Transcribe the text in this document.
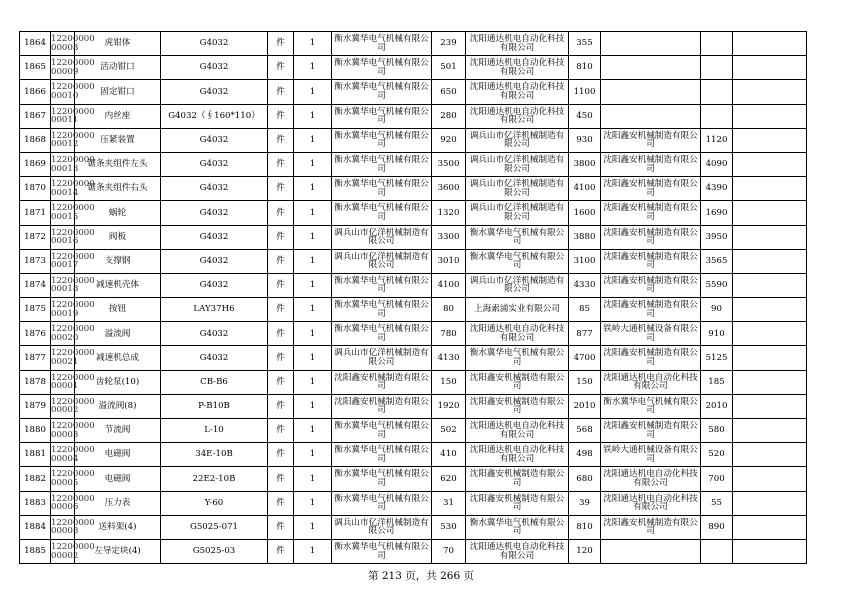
1864	12200000 00008	虎钳体	G4032	件	1	衡水冀华电气机械有限公司	239	沈阳通达机电自动化科技有限公司	355			
1865	12200000 00009	活动钳口	G4032	件	1	衡水冀华电气机械有限公司	501	沈阳通达机电自动化科技有限公司	810			
1866	12200000 00010	固定钳口	G4032	件	1	衡水冀华电气机械有限公司	650	沈阳通达机电自动化科技有限公司	1100			
1867	12200000 00011	内丝座	G4032（∮160*110）	件	1	衡水冀华电气机械有限公司	280	沈阳通达机电自动化科技有限公司	450			
1868	12200000 00012	压紧装置	G4032	件	1	衡水冀华电气机械有限公司	920	调兵山市亿洋机械制造有限公司	930	沈阳鑫安机械制造有限公司	1120	
1869	12200000 00013	锯条夹组件左头	G4032	件	1	衡水冀华电气机械有限公司	3500	调兵山市亿洋机械制造有限公司	3800	沈阳鑫安机械制造有限公司	4090	
1870	12200000 00014	锯条夹组件右头	G4032	件	1	衡水冀华电气机械有限公司	3600	调兵山市亿洋机械制造有限公司	4100	沈阳鑫安机械制造有限公司	4390	
1871	12200000 00015	蜗轮	G4032	件	1	衡水冀华电气机械有限公司	1320	调兵山市亿洋机械制造有限公司	1600	沈阳鑫安机械制造有限公司	1690	
1872	12200000 00016	阀板	G4032	件	1	调兵山市亿洋机械制造有限公司	3300	衡水冀华电气机械有限公司	3880	沈阳鑫安机械制造有限公司	3950	
1873	12200000 00017	支撑钢	G4032	件	1	调兵山市亿洋机械制造有限公司	3010	衡水冀华电气机械有限公司	3100	沈阳鑫安机械制造有限公司	3565	
1874	12200000 00018	减速机壳体	G4032	件	1	衡水冀华电气机械有限公司	4100	调兵山市亿洋机械制造有限公司	4330	沈阳鑫安机械制造有限公司	5590	
1875	12200000 00019	按钮	LAY37H6	件	1	衡水冀华电气机械有限公司	80	上海索浦实业有限公司	85	沈阳鑫安机械制造有限公司	90	
1876	12200000 00020	溢流阀	G4032	件	1	衡水冀华电气机械有限公司	780	沈阳通达机电自动化科技有限公司	877	铁岭大通机械设备有限公司	910	
1877	12200000 00021	减速机总成	G4032	件	1	调兵山市亿洋机械制造有限公司	4130	衡水冀华电气机械有限公司	4700	沈阳鑫安机械制造有限公司	5125	
1878	12200000 00001	齿轮泵(10)	CB-B6	件	1	沈阳鑫安机械制造有限公司	150	沈阳鑫安机械制造有限公司	150	沈阳通达机电自动化科技有限公司	185	
1879	12200000 00002	溢流阀(8)	P-B10B	件	1	沈阳鑫安机械制造有限公司	1920	沈阳鑫安机械制造有限公司	2010	衡水冀华电气机械有限公司	2010	
1880	12200000 00003	节流阀	L-10	件	1	衡水冀华电气机械有限公司	502	沈阳通达机电自动化科技有限公司	568	沈阳鑫安机械制造有限公司	580	
1881	12200000 00004	电磁阀	34E-10B	件	1	衡水冀华电气机械有限公司	410	沈阳通达机电自动化科技有限公司	498	铁岭大通机械设备有限公司	520	
1882	12200000 00005	电磁阀	22E2-10B	件	1	衡水冀华电气机械有限公司	620	沈阳鑫安机械制造有限公司	680	沈阳通达机电自动化科技有限公司	700	
1883	12200000 00006	压力表	Y-60	件	1	衡水冀华电气机械有限公司	31	沈阳鑫安机械制造有限公司	39	沈阳通达机电自动化科技有限公司	55	
1884	12200000 00008	送料架(4)	G5025-071	件	1	调兵山市亿洋机械制造有限公司	530	衡水冀华电气机械有限公司	810	沈阳鑫安机械制造有限公司	890	
1885	12200000 00002	左导定块(4)	G5025-03	件	1	衡水冀华电气机械有限公司	70	沈阳通达机电自动化科技有限公司	120			
第 213 页，共 266 页
